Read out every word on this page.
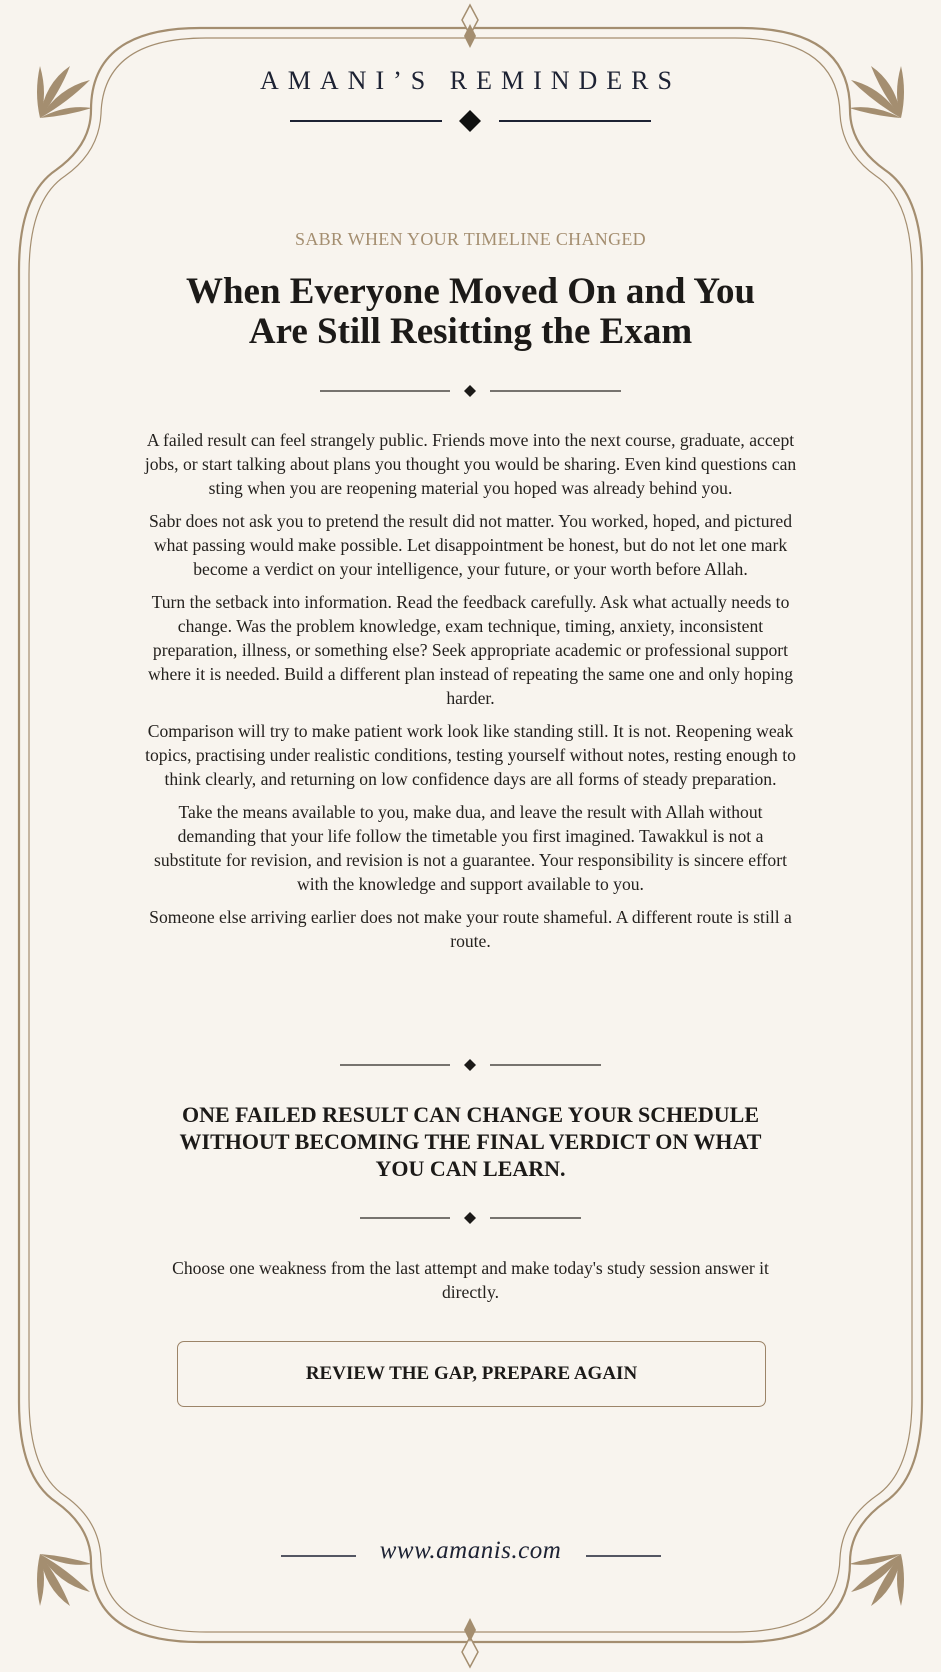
AMANI’S REMINDERS
SABR WHEN YOUR TIMELINE CHANGED
When Everyone Moved On and You Are Still Resitting the Exam

A failed result can feel strangely public. Friends move into the next course, graduate, accept jobs, or start talking about plans you thought you would be sharing. Even kind questions can sting when you are reopening material you hoped was already behind you.

Sabr does not ask you to pretend the result did not matter. You worked, hoped, and pictured what passing would make possible. Let disappointment be honest, but do not let one mark become a verdict on your intelligence, your future, or your worth before Allah.

Turn the setback into information. Read the feedback carefully. Ask what actually needs to change. Was the problem knowledge, exam technique, timing, anxiety, inconsistent preparation, illness, or something else? Seek appropriate academic or professional support where it is needed. Build a different plan instead of repeating the same one and only hoping harder.

Comparison will try to make patient work look like standing still. It is not. Reopening weak topics, practising under realistic conditions, testing yourself without notes, resting enough to think clearly, and returning on low confidence days are all forms of steady preparation.

Take the means available to you, make dua, and leave the result with Allah without demanding that your life follow the timetable you first imagined. Tawakkul is not a substitute for revision, and revision is not a guarantee. Your responsibility is sincere effort with the knowledge and support available to you.

Someone else arriving earlier does not make your route shameful. A different route is still a route.

ONE FAILED RESULT CAN CHANGE YOUR SCHEDULE WITHOUT BECOMING THE FINAL VERDICT ON WHAT YOU CAN LEARN.
Choose one weakness from the last attempt and make today's study session answer it directly.
REVIEW THE GAP, PREPARE AGAIN
www.amanis.com
